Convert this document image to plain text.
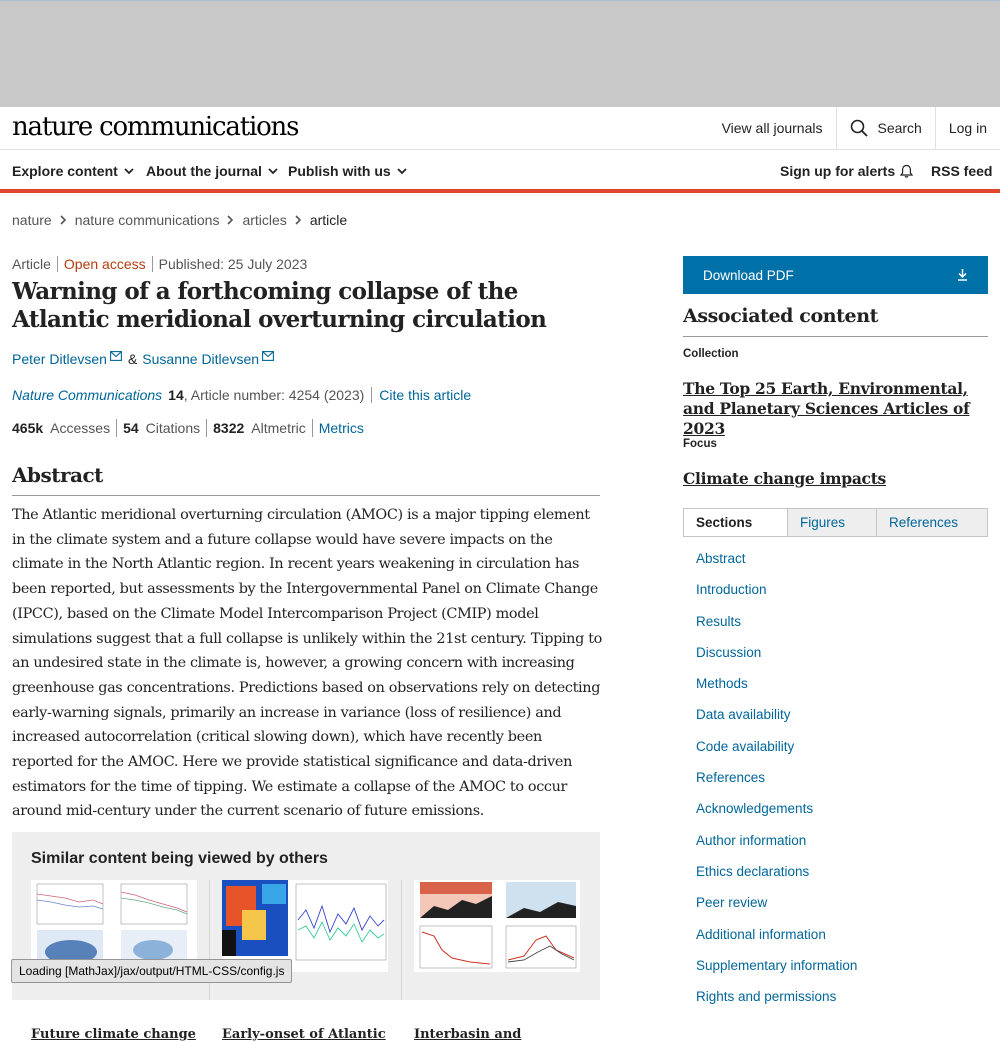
nature communications	View all journals	Search	Log in
Explore content About the journal Publish with us	Sign up for alerts	RSS feed
nature nature communications articles article
Article Open access Published: 25 July 2023
Warning of a forthcoming collapse of the Atlantic meridional overturning circulation
Peter Ditlevsen & Susanne Ditlevsen
Nature Communications 14 , Article number: 4254 (2023) Cite this article
465k Accesses 54 Citations 8322 Altmetric Metrics
Abstract

The Atlantic meridional overturning circulation (AMOC) is a major tipping element in the climate system and a future collapse would have severe impacts on the climate in the North Atlantic region. In recent years weakening in circulation has been reported, but assessments by the Intergovernmental Panel on Climate Change (IPCC), based on the Climate Model Intercomparison Project (CMIP) model simulations suggest that a full collapse is unlikely within the 21st century. Tipping to an undesired state in the climate is, however, a growing concern with increasing greenhouse gas concentrations. Predictions based on observations rely on detecting early-warning signals, primarily an increase in variance (loss of resilience) and increased autocorrelation (critical slowing down), which have recently been reported for the AMOC. Here we provide statistical significance and data-driven estimators for the time of tipping. We estimate a collapse of the AMOC to occur around mid-century under the current scenario of future emissions.

Similar content being viewed by others
Future climate change Early-onset of Atlantic Interbasin and
Loading [MathJax]/jax/output/HTML-CSS/config.js
Download PDF
Associated content
Collection
The Top 25 Earth, Environmental, and Planetary Sciences Articles of 2023
Focus
Climate change impacts
Sections	Figures	References
Abstract
Introduction
Results
Discussion
Methods
Data availability
Code availability
References
Acknowledgements
Author information
Ethics declarations
Peer review
Additional information
Supplementary information
Rights and permissions
